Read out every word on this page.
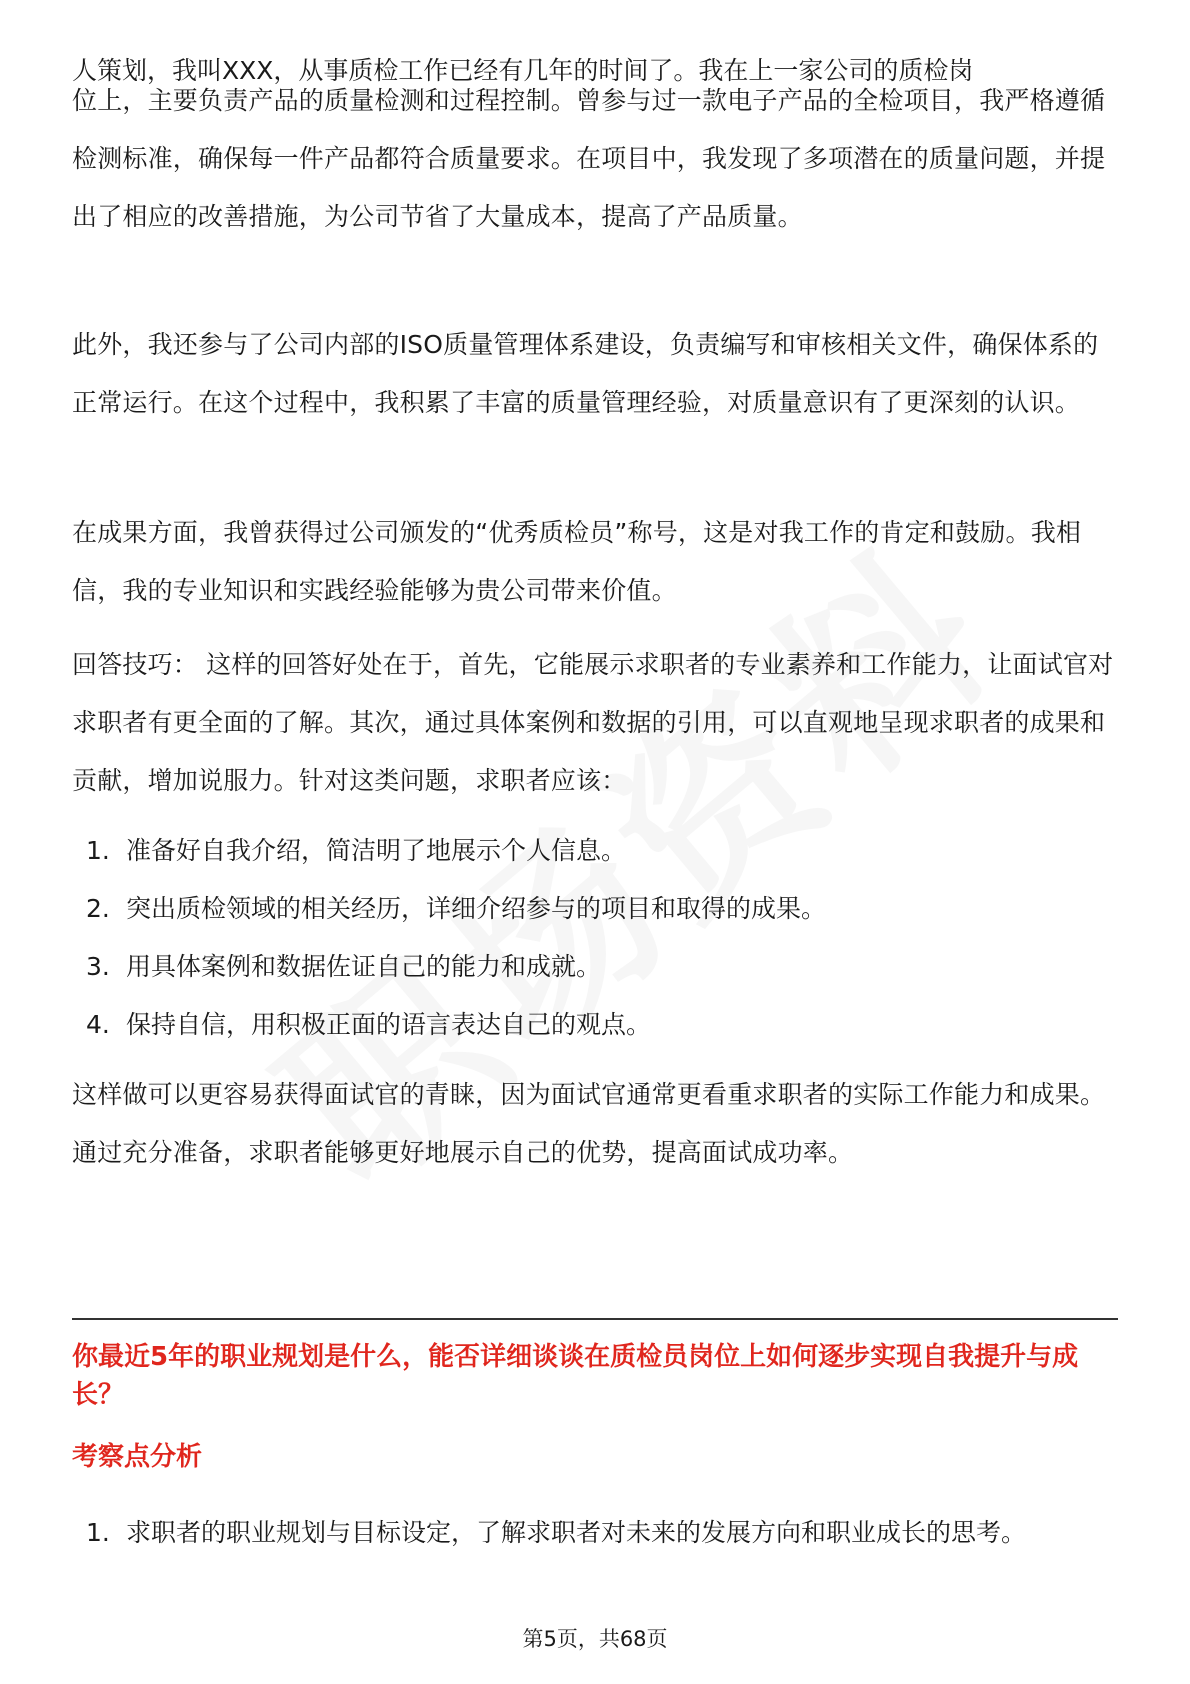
人策划，我叫XXX，从事质检工作已经有几年的时间了。我在上一家公司的质检岗

位上，主要负责产品的质量检测和过程控制。曾参与过一款电子产品的全检项目，我严格遵循检测标准，确保每一件产品都符合质量要求。在项目中，我发现了多项潜在的质量问题，并提出了相应的改善措施，为公司节省了大量成本，提高了产品质量。

此外，我还参与了公司内部的ISO质量管理体系建设，负责编写和审核相关文件，确保体系的正常运行。在这个过程中，我积累了丰富的质量管理经验，对质量意识有了更深刻的认识。

在成果方面，我曾获得过公司颁发的“优秀质检员”称号，这是对我工作的肯定和鼓励。我相信，我的专业知识和实践经验能够为贵公司带来价值。

回答技巧： 这样的回答好处在于，首先，它能展示求职者的专业素养和工作能力，让面试官对求职者有更全面的了解。其次，通过具体案例和数据的引用，可以直观地呈现求职者的成果和贡献，增加说服力。针对这类问题，求职者应该：

1. 准备好自我介绍，简洁明了地展示个人信息。
2. 突出质检领域的相关经历，详细介绍参与的项目和取得的成果。
3. 用具体案例和数据佐证自己的能力和成就。
4. 保持自信，用积极正面的语言表达自己的观点。

这样做可以更容易获得面试官的青睐，因为面试官通常更看重求职者的实际工作能力和成果。通过充分准备，求职者能够更好地展示自己的优势，提高面试成功率。

你最近5年的职业规划是什么，能否详细谈谈在质检员岗位上如何逐步实现自我提升与成长？

考察点分析

1. 求职者的职业规划与目标设定，了解求职者对未来的发展方向和职业成长的思考。
第5页，共68页
